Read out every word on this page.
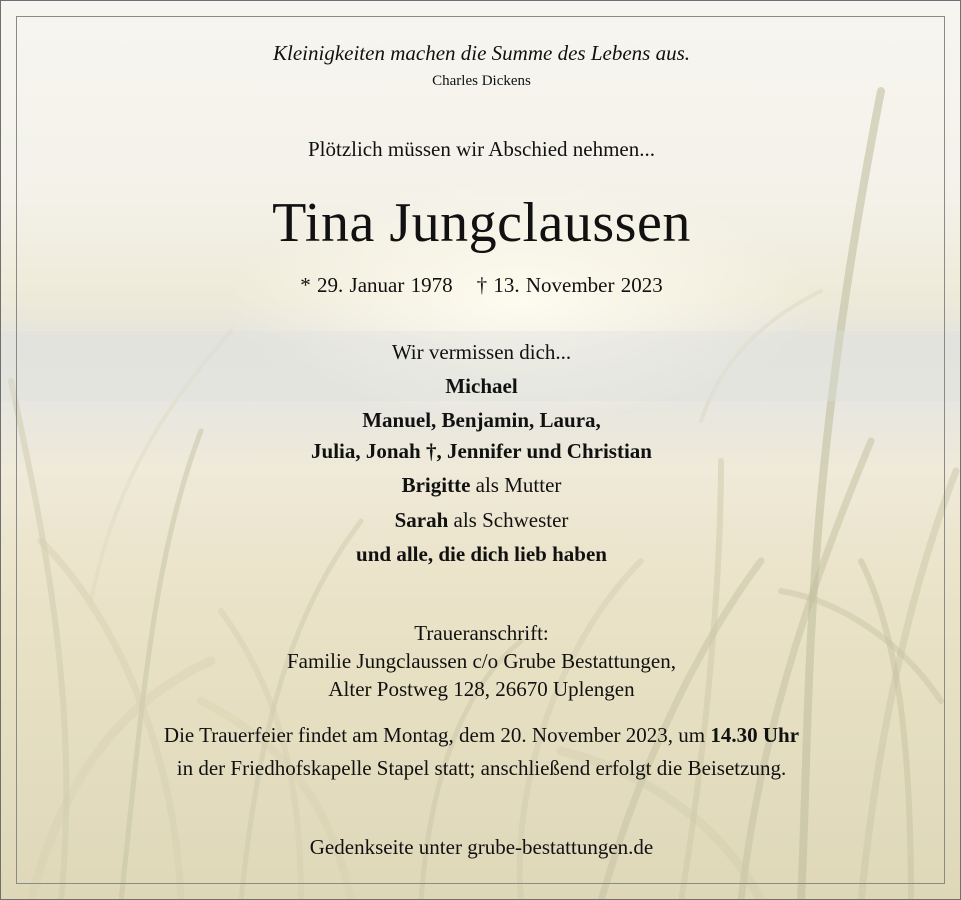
Kleinigkeiten machen die Summe des Lebens aus.
Charles Dickens
Plötzlich müssen wir Abschied nehmen...
Tina Jungclaussen
* 29. Januar 1978 † 13. November 2023
Wir vermissen dich...
Michael
Manuel, Benjamin, Laura,
Julia, Jonah †, Jennifer und Christian
Brigitte als Mutter
Sarah als Schwester
und alle, die dich lieb haben
Traueranschrift:
Familie Jungclaussen c/o Grube Bestattungen,
Alter Postweg 128, 26670 Uplengen
Die Trauerfeier findet am Montag, dem 20. November 2023, um 14.30 Uhr
in der Friedhofskapelle Stapel statt; anschließend erfolgt die Beisetzung.
Gedenkseite unter grube-bestattungen.de
